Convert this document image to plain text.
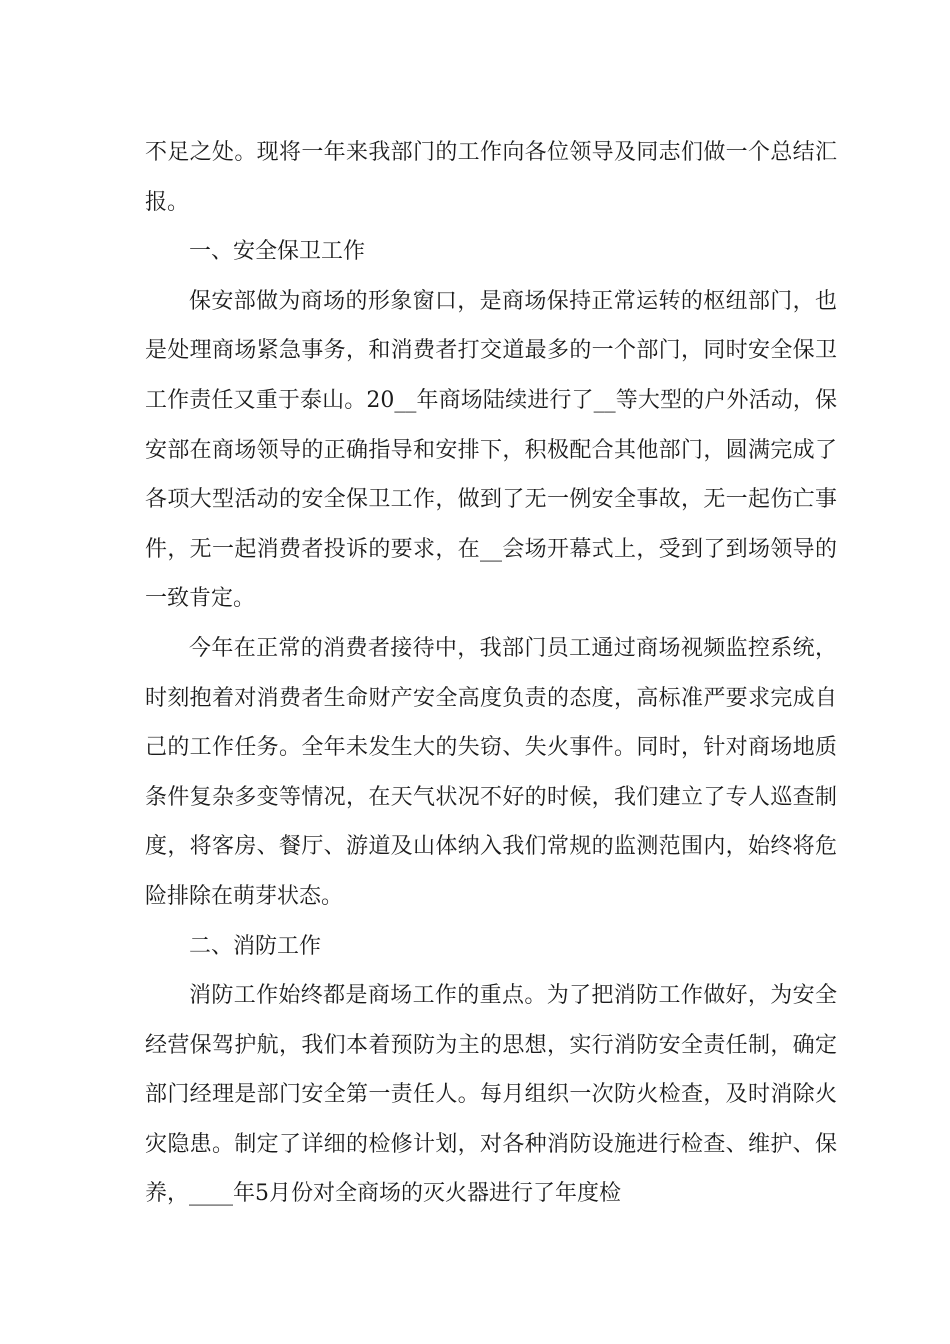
不足之处。现将一年来我部门的工作向各位领导及同志们做一个总结汇报。

一、安全保卫工作

保安部做为商场的形象窗口，是商场保持正常运转的枢纽部门，也是处理商场紧急事务，和消费者打交道最多的一个部门，同时安全保卫工作责任又重于泰山。20__年商场陆续进行了__等大型的户外活动，保安部在商场领导的正确指导和安排下，积极配合其他部门，圆满完成了各项大型活动的安全保卫工作，做到了无一例安全事故，无一起伤亡事件，无一起消费者投诉的要求，在__会场开幕式上，受到了到场领导的一致肯定。

今年在正常的消费者接待中，我部门员工通过商场视频监控系统，时刻抱着对消费者生命财产安全高度负责的态度，高标准严要求完成自己的工作任务。全年未发生大的失窃、失火事件。同时，针对商场地质条件复杂多变等情况，在天气状况不好的时候，我们建立了专人巡查制度，将客房、餐厅、游道及山体纳入我们常规的监测范围内，始终将危险排除在萌芽状态。

二、消防工作

消防工作始终都是商场工作的重点。为了把消防工作做好，为安全经营保驾护航，我们本着预防为主的思想，实行消防安全责任制，确定部门经理是部门安全第一责任人。每月组织一次防火检查，及时消除火灾隐患。制定了详细的检修计划，对各种消防设施进行检查、维护、保养，____年5月份对全商场的灭火器进行了年度检
